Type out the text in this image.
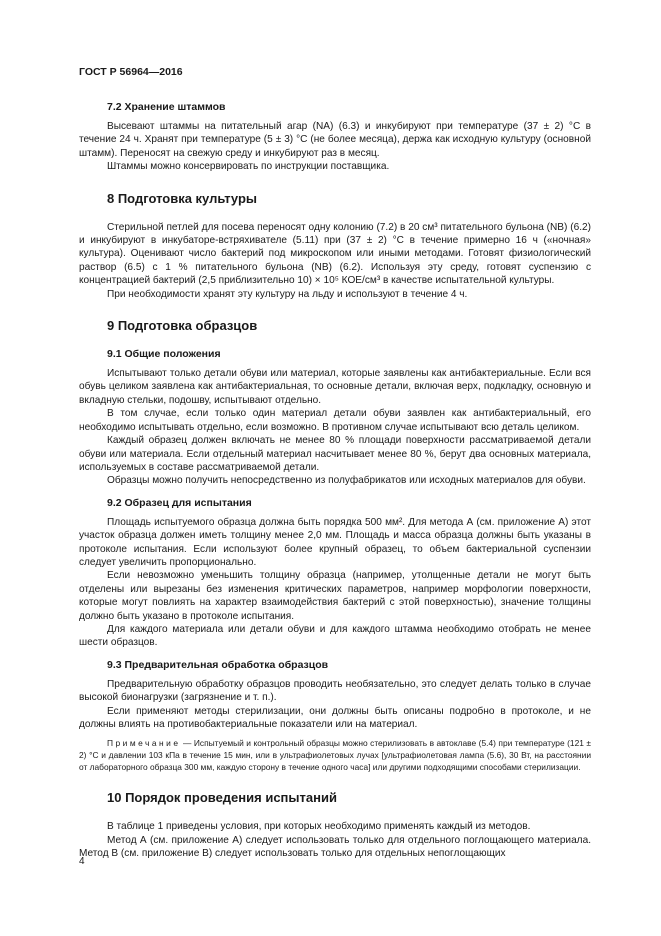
ГОСТ Р 56964—2016
7.2 Хранение штаммов

Высевают штаммы на питательный агар (NA) (6.3) и инкубируют при температуре (37 ± 2) °С в течение 24 ч. Хранят при температуре (5 ± 3) °С (не более месяца), держа как исходную культуру (основной штамм). Переносят на свежую среду и инкубируют раз в месяц.

Штаммы можно консервировать по инструкции поставщика.

8 Подготовка культуры

Стерильной петлей для посева переносят одну колонию (7.2) в 20 см³ питательного бульона (NB) (6.2) и инкубируют в инкубаторе-встряхивателе (5.11) при (37 ± 2) °С в течение примерно 16 ч («ночная» культура). Оценивают число бактерий под микроскопом или иными методами. Готовят физиологический раствор (6.5) с 1 % питательного бульона (NB) (6.2). Используя эту среду, готовят суспензию с концентрацией бактерий (2,5 приблизительно 10) × 10⁵ КОЕ/см³ в качестве испытательной культуры.

При необходимости хранят эту культуру на льду и используют в течение 4 ч.

9 Подготовка образцов
9.1 Общие положения

Испытывают только детали обуви или материал, которые заявлены как антибактериальные. Если вся обувь целиком заявлена как антибактериальная, то основные детали, включая верх, подкладку, основную и вкладную стельки, подошву, испытывают отдельно.

В том случае, если только один материал детали обуви заявлен как антибактериальный, его необходимо испытывать отдельно, если возможно. В противном случае испытывают всю деталь целиком.

Каждый образец должен включать не менее 80 % площади поверхности рассматриваемой детали обуви или материала. Если отдельный материал насчитывает менее 80 %, берут два основных материала, используемых в составе рассматриваемой детали.

Образцы можно получить непосредственно из полуфабрикатов или исходных материалов для обуви.

9.2 Образец для испытания

Площадь испытуемого образца должна быть порядка 500 мм². Для метода А (см. приложение А) этот участок образца должен иметь толщину менее 2,0 мм. Площадь и масса образца должны быть указаны в протоколе испытания. Если используют более крупный образец, то объем бактериальной суспензии следует увеличить пропорционально.

Если невозможно уменьшить толщину образца (например, утолщенные детали не могут быть отделены или вырезаны без изменения критических параметров, например морфологии поверхности, которые могут повлиять на характер взаимодействия бактерий с этой поверхностью), значение толщины должно быть указано в протоколе испытания.

Для каждого материала или детали обуви и для каждого штамма необходимо отобрать не менее шести образцов.

9.3 Предварительная обработка образцов

Предварительную обработку образцов проводить необязательно, это следует делать только в случае высокой бионагрузки (загрязнение и т. п.).

Если применяют методы стерилизации, они должны быть описаны подробно в протоколе, и не должны влиять на противобактериальные показатели или на материал.

Примечание — Испытуемый и контрольный образцы можно стерилизовать в автоклаве (5.4) при температуре (121 ± 2) °С и давлении 103 кПа в течение 15 мин, или в ультрафиолетовых лучах [ультрафиолетовая лампа (5.6), 30 Вт, на расстоянии от лабораторного образца 300 мм, каждую сторону в течение одного часа] или другими подходящими способами стерилизации.

10 Порядок проведения испытаний

В таблице 1 приведены условия, при которых необходимо применять каждый из методов.

Метод А (см. приложение А) следует использовать только для отдельного поглощающего материала. Метод В (см. приложение В) следует использовать только для отдельных непоглощающих

4
